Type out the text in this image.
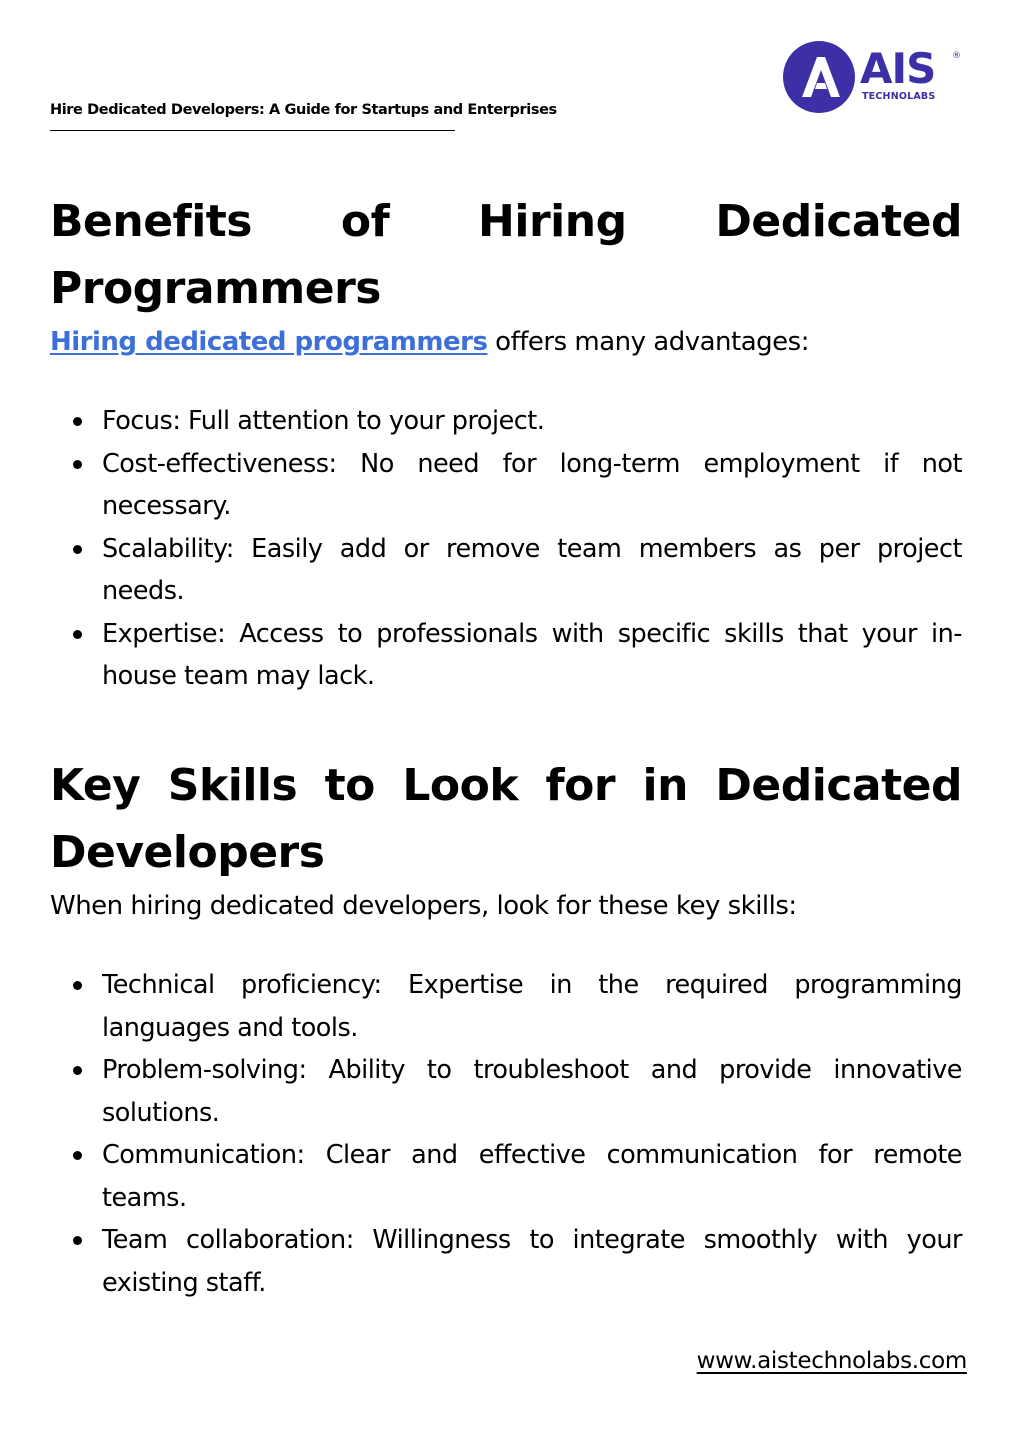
Hire Dedicated Developers: A Guide for Startups and Enterprises
AIS ®
TECHNOLABS
Benefits of Hiring Dedicated Programmers

Hiring dedicated programmers offers many advantages:

Focus: Full attention to your project.
Cost-effectiveness: No need for long-term employment if not necessary.
Scalability: Easily add or remove team members as per project needs.
Expertise: Access to professionals with specific skills that your in-house team may lack.
Key Skills to Look for in Dedicated Developers

When hiring dedicated developers, look for these key skills:

Technical proficiency: Expertise in the required programming languages and tools.
Problem-solving: Ability to troubleshoot and provide innovative solutions.
Communication: Clear and effective communication for remote teams.
Team collaboration: Willingness to integrate smoothly with your existing staff.
www.aistechnolabs.com
